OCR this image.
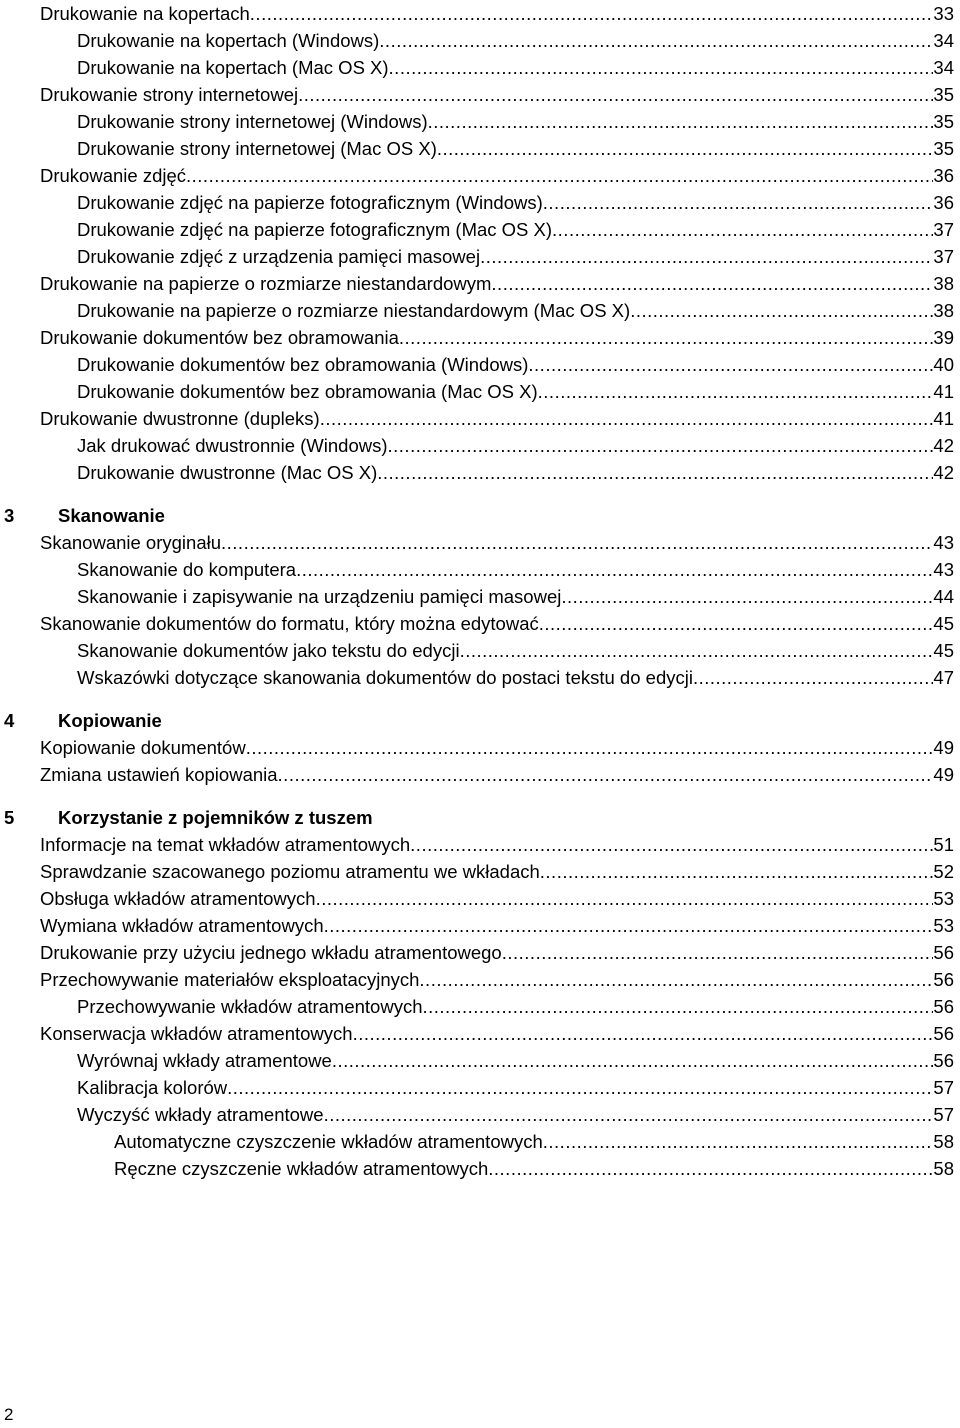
Drukowanie na kopertach .....	33
Drukowanie na kopertach (Windows) .....	34
Drukowanie na kopertach (Mac OS X) .....	34
Drukowanie strony internetowej .....	35
Drukowanie strony internetowej (Windows) .....	35
Drukowanie strony internetowej (Mac OS X) .....	35
Drukowanie zdjęć .....	36
Drukowanie zdjęć na papierze fotograficznym (Windows) .....	36
Drukowanie zdjęć na papierze fotograficznym (Mac OS X) .....	37
Drukowanie zdjęć z urządzenia pamięci masowej .....	37
Drukowanie na papierze o rozmiarze niestandardowym .....	38
Drukowanie na papierze o rozmiarze niestandardowym (Mac OS X) .....	38
Drukowanie dokumentów bez obramowania .....	39
Drukowanie dokumentów bez obramowania (Windows) .....	40
Drukowanie dokumentów bez obramowania (Mac OS X) .....	41
Drukowanie dwustronne (dupleks) .....	41
Jak drukować dwustronnie (Windows) .....	42
Drukowanie dwustronne (Mac OS X) .....	42
3 Skanowanie
Skanowanie oryginału .....	43
Skanowanie do komputera .....	43
Skanowanie i zapisywanie na urządzeniu pamięci masowej .....	44
Skanowanie dokumentów do formatu, który można edytować .....	45
Skanowanie dokumentów jako tekstu do edycji .....	45
Wskazówki dotyczące skanowania dokumentów do postaci tekstu do edycji .....	47
4 Kopiowanie
Kopiowanie dokumentów .....	49
Zmiana ustawień kopiowania .....	49
5 Korzystanie z pojemników z tuszem
Informacje na temat wkładów atramentowych .....	51
Sprawdzanie szacowanego poziomu atramentu we wkładach .....	52
Obsługa wkładów atramentowych .....	53
Wymiana wkładów atramentowych .....	53
Drukowanie przy użyciu jednego wkładu atramentowego .....	56
Przechowywanie materiałów eksploatacyjnych .....	56
Przechowywanie wkładów atramentowych .....	56
Konserwacja wkładów atramentowych .....	56
Wyrównaj wkłady atramentowe .....	56
Kalibracja kolorów .....	57
Wyczyść wkłady atramentowe .....	57
Automatyczne czyszczenie wkładów atramentowych .....	58
Ręczne czyszczenie wkładów atramentowych .....	58
2
